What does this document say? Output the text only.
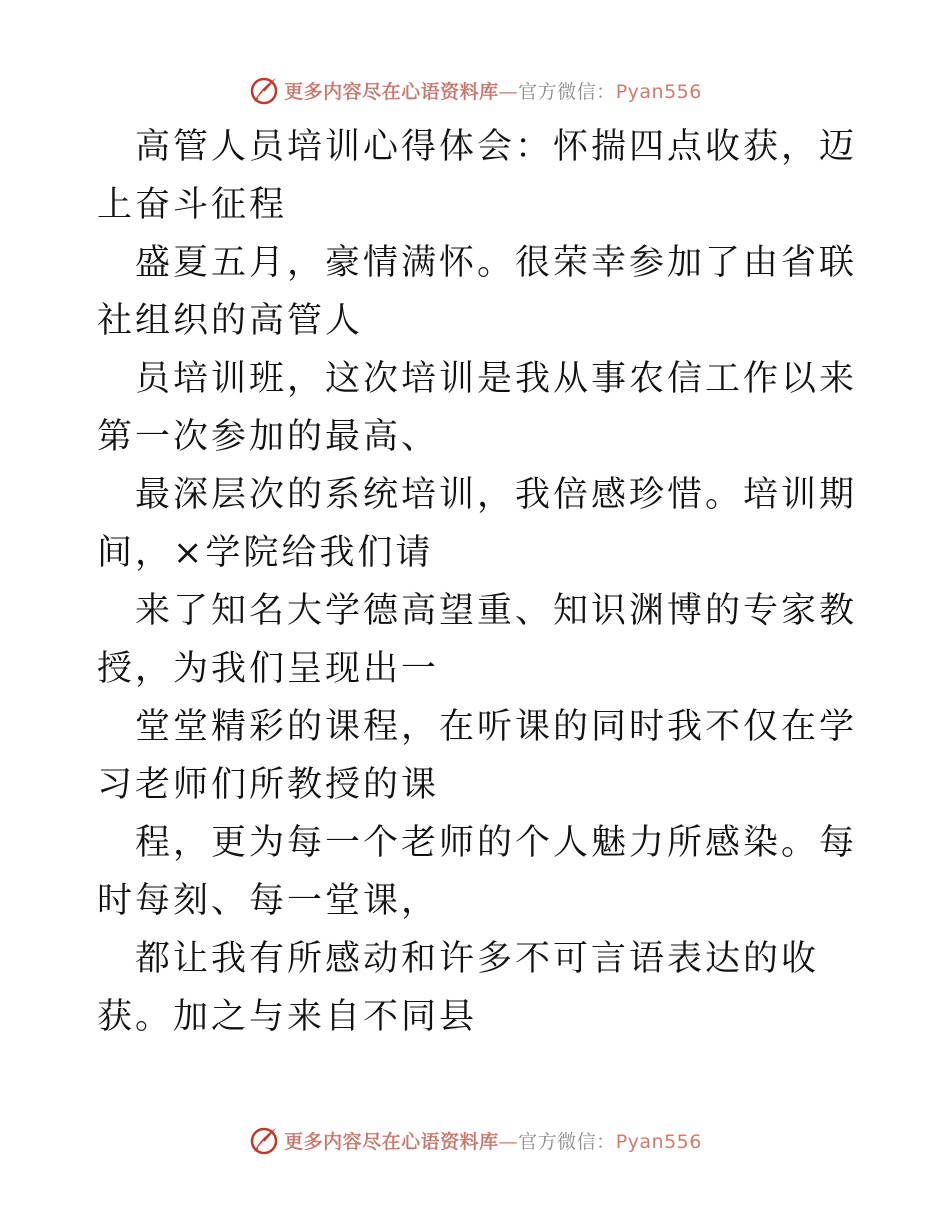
更多内容尽在心语资料库—官方微信：Pyan556

高管人员培训心得体会：怀揣四点收获，迈上奋斗征程

盛夏五月，豪情满怀。很荣幸参加了由省联社组织的高管人

员培训班，这次培训是我从事农信工作以来第一次参加的最高、

最深层次的系统培训，我倍感珍惜。培训期间，×学院给我们请

来了知名大学德高望重、知识渊博的专家教授，为我们呈现出一

堂堂精彩的课程，在听课的同时我不仅在学习老师们所教授的课

程，更为每一个老师的个人魅力所感染。每时每刻、每一堂课，

都让我有所感动和许多不可言语表达的收获。加之与来自不同县

更多内容尽在心语资料库—官方微信：Pyan556
